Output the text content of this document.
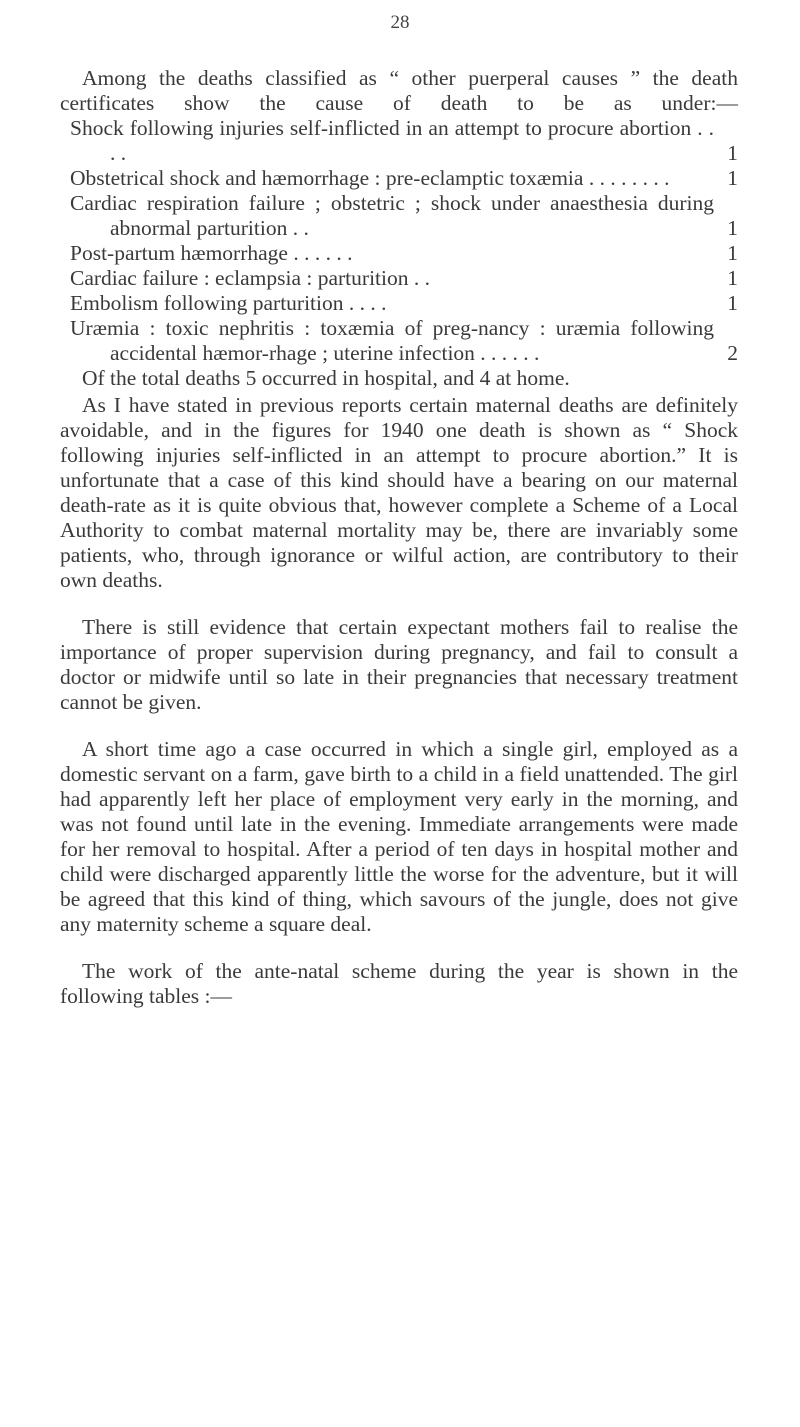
28

Among the deaths classified as “ other puerperal causes ” the death certificates show the cause of death to be as under:—

Shock following injuries self-inflicted in an attempt to procure abortion . . . .	1
Obstetrical shock and hæmorrhage : pre-eclamptic toxæmia . . . . . . . .	1
Cardiac respiration failure ; obstetric ; shock under anaesthesia during abnormal parturition . .	1
Post-partum hæmorrhage . . . . . .	1
Cardiac failure : eclampsia : parturition . .	1
Embolism following parturition . . . .	1
Uræmia : toxic nephritis : toxæmia of preg-nancy : uræmia following accidental hæmor-rhage ; uterine infection . . . . . .	2

Of the total deaths 5 occurred in hospital, and 4 at home.

As I have stated in previous reports certain maternal deaths are definitely avoidable, and in the figures for 1940 one death is shown as “ Shock following injuries self-inflicted in an attempt to procure abortion.” It is unfortunate that a case of this kind should have a bearing on our maternal death-rate as it is quite obvious that, however complete a Scheme of a Local Authority to combat maternal mortality may be, there are invariably some patients, who, through ignorance or wilful action, are contributory to their own deaths.

There is still evidence that certain expectant mothers fail to realise the importance of proper supervision during pregnancy, and fail to consult a doctor or midwife until so late in their pregnancies that necessary treatment cannot be given.

A short time ago a case occurred in which a single girl, employed as a domestic servant on a farm, gave birth to a child in a field unattended. The girl had apparently left her place of employment very early in the morning, and was not found until late in the evening. Immediate arrangements were made for her removal to hospital. After a period of ten days in hospital mother and child were discharged apparently little the worse for the adventure, but it will be agreed that this kind of thing, which savours of the jungle, does not give any maternity scheme a square deal.

The work of the ante-natal scheme during the year is shown in the following tables :—
